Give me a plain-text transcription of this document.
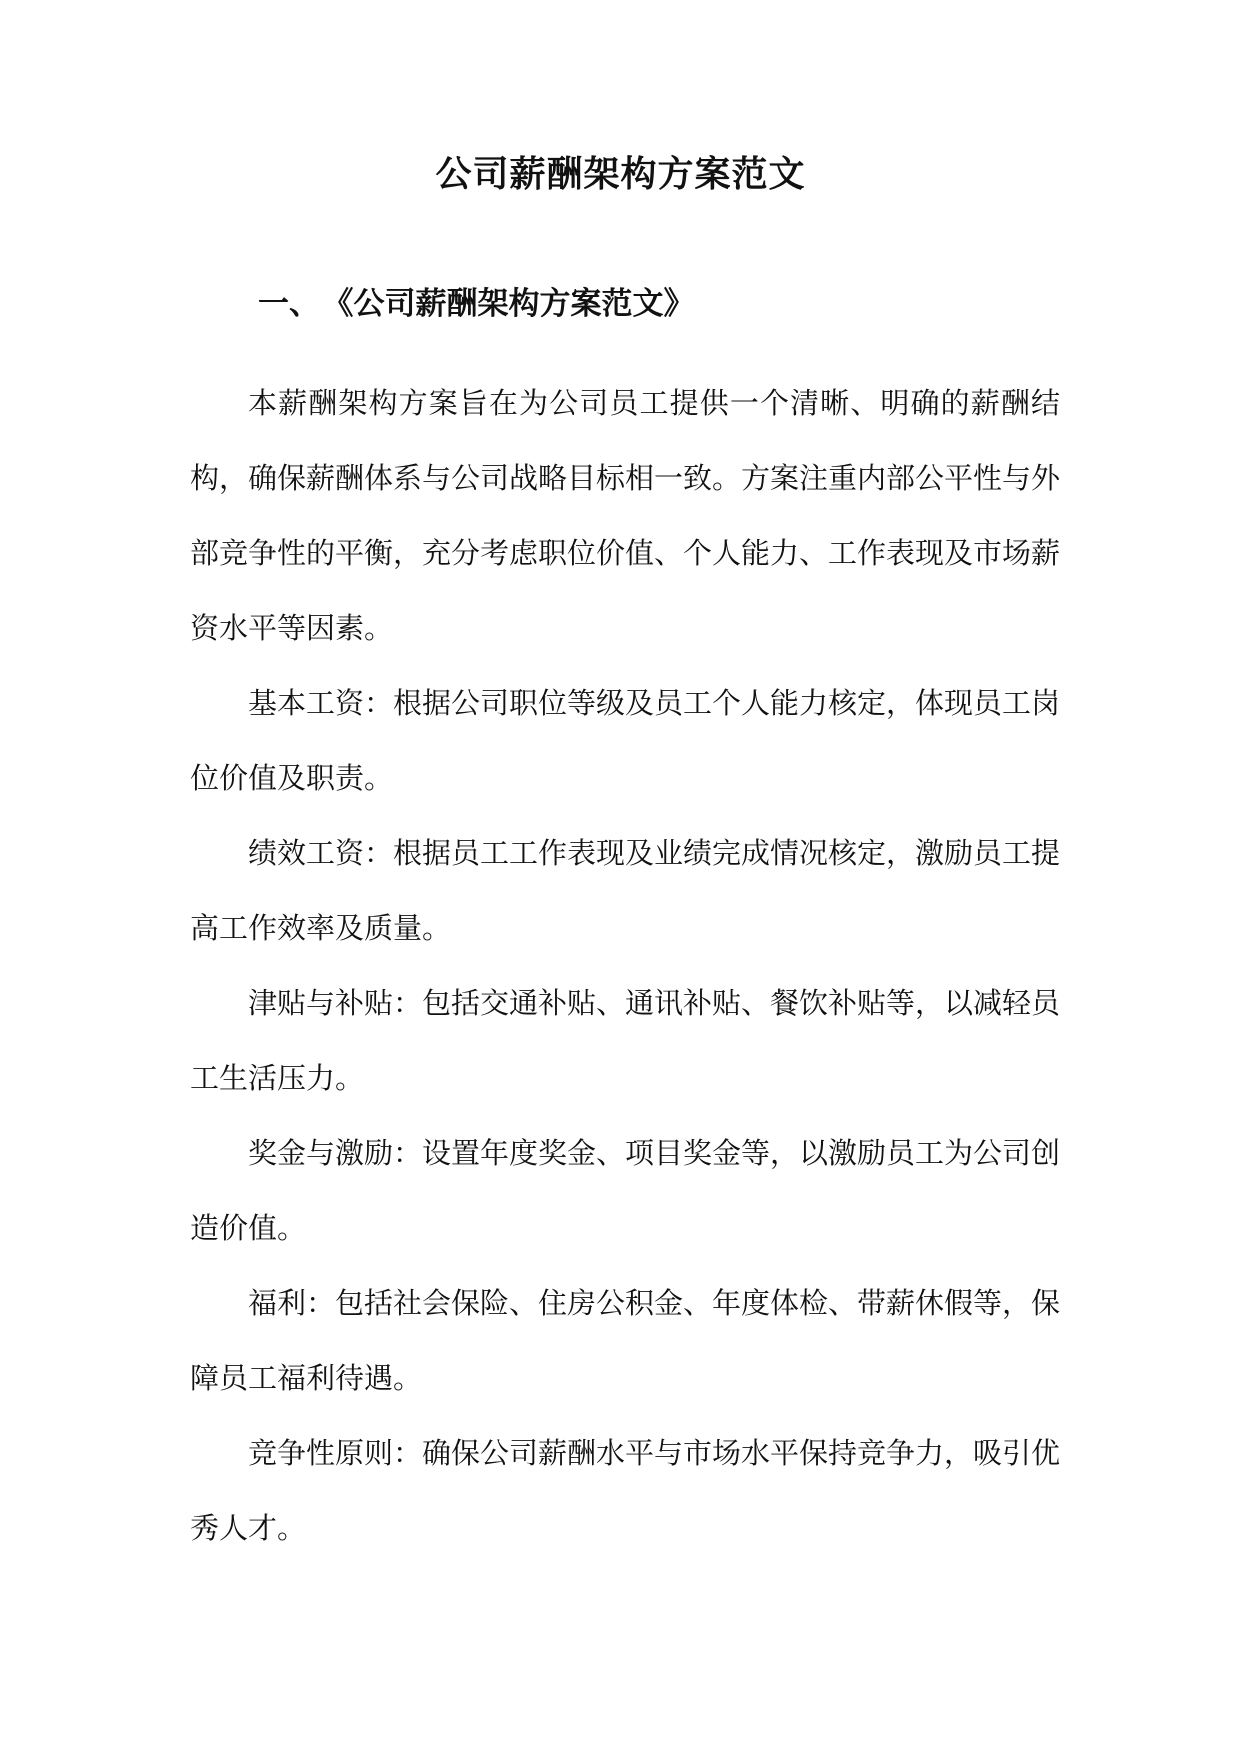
公司薪酬架构方案范文
一、 《公司薪酬架构方案范文》

本薪酬架构方案旨在为公司员工提供一个清晰、明确的薪酬结构，确保薪酬体系与公司战略目标相一致。方案注重内部公平性与外部竞争性的平衡，充分考虑职位价值、个人能力、工作表现及市场薪资水平等因素。

基本工资：根据公司职位等级及员工个人能力核定，体现员工岗位价值及职责。

绩效工资：根据员工工作表现及业绩完成情况核定，激励员工提高工作效率及质量。

津贴与补贴：包括交通补贴、通讯补贴、餐饮补贴等，以减轻员工生活压力。

奖金与激励：设置年度奖金、项目奖金等，以激励员工为公司创造价值。

福利：包括社会保险、住房公积金、年度体检、带薪休假等，保障员工福利待遇。

竞争性原则：确保公司薪酬水平与市场水平保持竞争力，吸引优秀人才。
